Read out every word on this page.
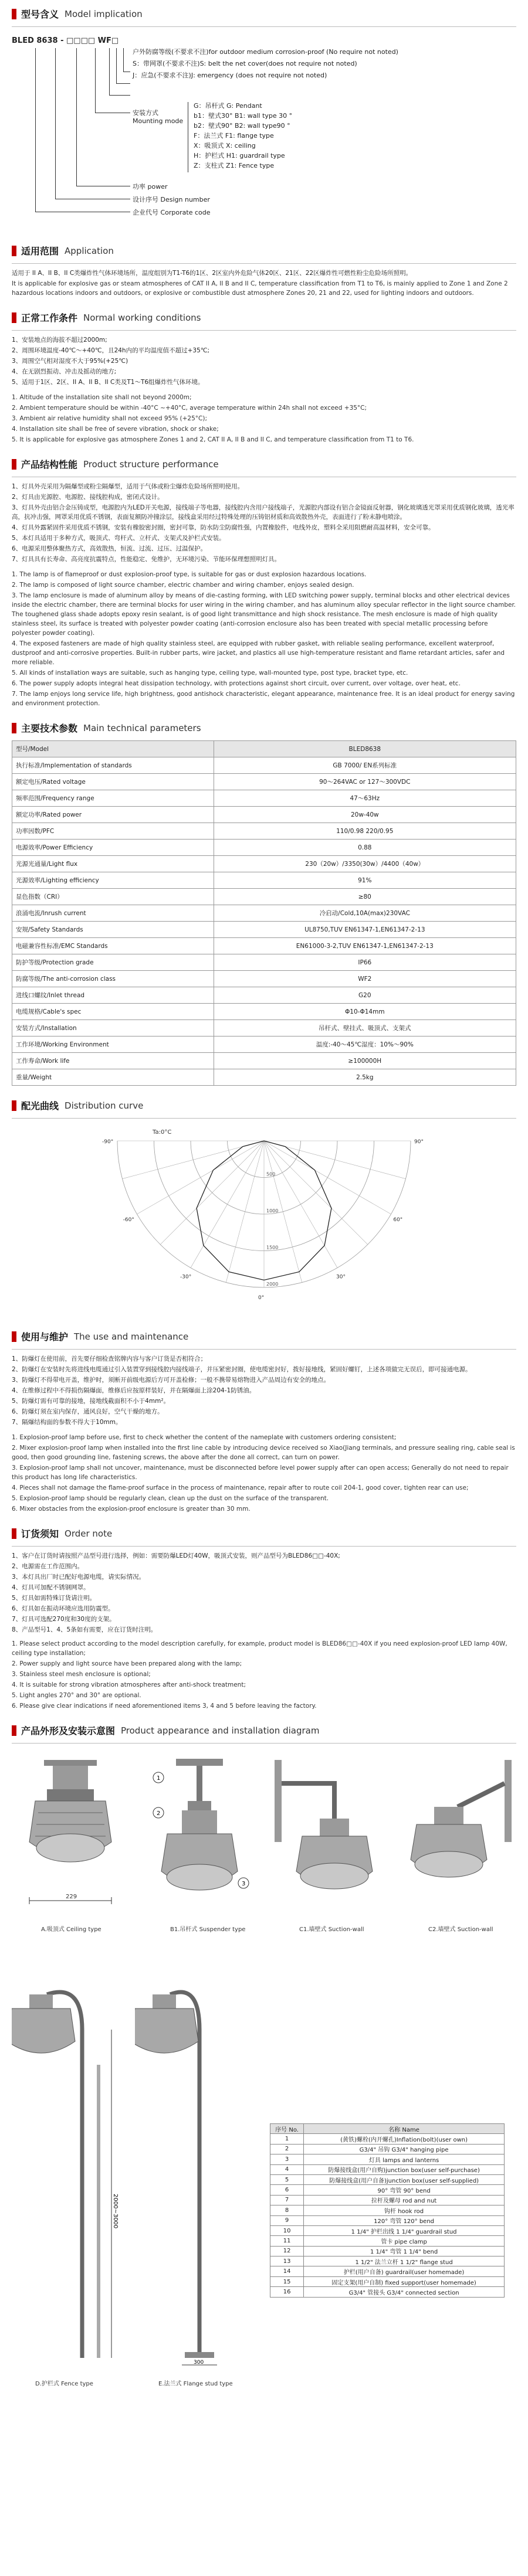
型号含义 Model implication
BLED 8638 - □□□□ WF□
户外防腐等级(不要求不注)for outdoor medium corrosion-proof (No require not noted)
S：带网罩(不要求不注)S: belt the net cover(does not require not noted)
J：应急(不要求不注)J: emergency (does not require not noted)
安装方式 Mounting mode
G：吊杆式 G: Pendant
b1：壁式30° B1: wall type 30 °
b2：壁式90° B2: wall type90 °
F：法兰式 F1: flange type
X：吸顶式 X: ceiling
H：护栏式 H1: guardrail type
Z：支柱式 Z1: Fence type
功率 power
设计序号 Design number
企业代号 Corporate code
适用范围 Application
适用于 II A、II B、II C类爆炸性气体环境场所，温度组别为T1-T6的1区、2区室内外危险气体20区、21区、22区爆炸性可燃性粉尘危险场所照明。
It is applicable for explosive gas or steam atmospheres of CAT II A, II B and II C, temperature classification from T1 to T6, is mainly applied to Zone 1 and Zone 2 hazardous locations indoors and outdoors, or explosive or combustible dust atmosphere Zones 20, 21 and 22, used for lighting indoors and outdoors.
正常工作条件 Normal working conditions
1、安装地点的海拔不超过2000m;
2、周围环境温度-40℃～+40℃，且24h内的平均温度值不超过+35℃;
3、周围空气相对湿度不大于95%(+25℃)
4、在无剧烈振动、冲击及摇动的地方;
5、适用于1区、2区、II A、II B、II C类及T1～T6组爆炸性气体环境。
1. Altitude of the installation site shall not beyond 2000m;
2. Ambient temperature should be within -40°C ~+40°C, average temperature within 24h shall not exceed +35°C;
3. Ambient air relative humidity shall not exceed 95% (+25°C);
4. Installation site shall be free of severe vibration, shock or shake;
5. It is applicable for explosive gas atmosphere Zones 1 and 2, CAT II A, II B and II C, and temperature classification from T1 to T6.
产品结构性能 Product structure performance
1、灯具外壳采用为隔爆型或粉尘隔爆型，适用于气体或粉尘爆炸危险场所照明使用。
2、灯具由光源腔、电源腔、接线腔构成，密闭式设计。
3、灯具外壳由铝合金压铸成型，电源腔内为LED开关电源，接线端子等电器，接线腔内含用户接线端子，光源腔内部设有铝合金镜面反射器，钢化玻璃透光罩采用优质钢化玻璃，透光率高，抗冲击强，网罩采用优质不锈钢，表面复额防冲撞涂层，接线盒采用经过特殊处理的压铸铝材质和高效散热外壳，表面进行了粉末静电喷涂。
4、灯具外露紧固件采用优质不锈钢，安装有橡胶密封圈，密封可靠，防水防尘防腐性强，内置橡胶件，电线外皮，塑料全采用阻燃耐高温材料，安全可靠。
5、本灯具适用于多种方式，吸顶式、弯杆式、立杆式、支架式及护栏式安装。
6、电源采用整体聚热方式，高效散热，恒流、过流、过压、过温保护。
7、灯具具有长寿命、高亮度抗震特点，性能稳定、免维护，无环境污染、节能环保理想照明灯具。
1. The lamp is of flameproof or dust explosion-proof type, is suitable for gas or dust explosion hazardous locations.
2. The lamp is composed of light source chamber, electric chamber and wiring chamber, enjoys sealed design.
3. The lamp enclosure is made of aluminum alloy by means of die-casting forming, with LED switching power supply, terminal blocks and other electrical devices inside the electric chamber, there are terminal blocks for user wiring in the wiring chamber, and has aluminum alloy specular reflector in the light source chamber. The toughened glass shade adopts epoxy resin sealant, is of good light transmittance and high shock resistance. The mesh enclosure is made of high quality stainless steel, its surface is treated with polyester powder coating (anti-corrosion enclosure also has been treated with special metallic processing before polyester powder coating).
4. The exposed fasteners are made of high quality stainless steel, are equipped with rubber gasket, with reliable sealing performance, excellent waterproof, dustproof and anti-corrosive properties. Built-in rubber parts, wire jacket, and plastics all use high-temperature resistant and flame retardant articles, safer and more reliable.
5. All kinds of installation ways are suitable, such as hanging type, ceiling type, wall-mounted type, post type, bracket type, etc.
6. The power supply adopts integral heat dissipation technology, with protections against short circuit, over current, over voltage, over heat, etc.
7. The lamp enjoys long service life, high brightness, good antishock characteristic, elegant appearance, maintenance free. It is an ideal product for energy saving and environment protection.
主要技术参数 Main technical parameters
型号/Model	BLED8638
执行标准/Implementation of standards	GB 7000/ EN系列标准
额定电压/Rated voltage	90～264VAC or 127～300VDC
频率范围/Frequency range	47～63Hz
额定功率/Rated power	20w-40w
功率因数/PFC	110/0.98 220/0.95
电源效率/Power Efficiency	0.88
光源光通量/Light flux	230（20w）/3350(30w）/4400（40w）
光源效率/Lighting efficiency	91%
显色指数（CRI）	≥80
浪涌电流/Inrush current	冷启动/Cold,10A(max)230VAC
安规/Safety Standards	UL8750,TUV EN61347-1,EN61347-2-13
电磁兼容性标准/EMC Standards	EN61000-3-2,TUV EN61347-1,EN61347-2-13
防护等级/Protection grade	IP66
防腐等级/The anti-corrosion class	WF2
进线口螺纹/Inlet thread	G20
电缆规格/Cable's spec	Φ10-Φ14mm
安装方式/Installation	吊杆式、壁挂式、吸顶式、支架式
工作环境/Working Environment	温度:-40～45℃湿度：10%～90%
工作寿命/Work life	≥100000H
重量/Weight	2.5kg
配光曲线 Distribution curve
Ta:0°C
500
1000
1500
2000
-90°
-60°
-30°
0°
30°
60°
90°
使用与维护 The use and maintenance
1、防爆灯在使用前，首先要仔细检查铭牌内容与客户订货是否相符合；
2、防爆灯在安装时先将进线电缆通过引入装置穿到接线腔内接线端子，并压紧密封圈，使电缆密封好，拨好接地线，紧固好螺钉，上述各项做完无误后，即可接通电源。
3、防爆灯不得带电开盖，维护时，须断开前级电源后方可开盖检修；一般不携带易熔物进入产品周边有安全的地点。
4、在维修过程中不得损伤隔爆面，维修后应按原样装好，并在隔爆面上涂204-1防锈油。
5、防爆灯需有可靠的接地，接地线截面积不小于4mm²。
6、防爆灯须在室内保存，通风良好，空气干燥的地方。
7、隔爆结构面的参数不得大于10mm。
1. Explosion-proof lamp before use, first to check whether the content of the nameplate with customers ordering consistent;
2. Mixer explosion-proof lamp when installed into the first line cable by introducing device received so Xiao(Jiang terminals, and pressure sealing ring, cable seal is good, then good grounding line, fastening screws, the above after the done all correct, can turn on power.
3. Explosion-proof lamp shall not uncover, maintenance, must be disconnected before level power supply after can open access; Generally do not need to repair this product has long life characteristics.
4. Pieces shall not damage the flame-proof surface in the process of maintenance, repair after to route coil 204-1, good cover, tighten rear can use;
5. Explosion-proof lamp should be regularly clean, clean up the dust on the surface of the transparent.
6. Mixer obstacles from the explosion-proof enclosure is greater than 30 mm.
订货须知 Order note
1、客户在订货时请按照产品型号进行选择，例如：需要防爆LED灯40W，吸顶式安装，则产品型号为BLED86□□-40X;
2、电源需在工作范围内。
3、本灯具出厂时已配好电源电缆，请实际情况。
4、灯具可加配不锈钢网罩。
5、灯具如需特殊订货请注明。
6、灯具如在振动环境应选用防震型。
7、灯具可选配270度和30度的支架。
8、产品型号1、4、5条如有需要，应在订货时注明。
1. Please select product according to the model description carefully, for example, product model is BLED86□□-40X if you need explosion-proof LED lamp 40W, ceiling type installation;
2. Power supply and light source have been prepared along with the lamp;
3. Stainless steel mesh enclosure is optional;
4. It is suitable for strong vibration atmospheres after anti-shock treatment;
5. Light angles 270° and 30° are optional.
6. Please give clear indications if need aforementioned items 3, 4 and 5 before leaving the factory.
产品外形及安装示意图 Product appearance and installation diagram
229
A.吸顶式 Ceiling type
1
2
3
B1.吊杆式 Suspender type	C1.墙壁式 Suction-wall	C2.墙壁式 Suction-wall
2000~3000
D.护栏式 Fence type
300
E.法兰式 Flange stud type
序号 No.	名称 Name
1	(黄铁)螺栓(内开螺孔)Inflation(bolt)(user own)
2	G3/4" 吊钩 G3/4" hanging pipe
3	灯具 lamps and lanterns
4	防爆接线盒(用户自购)junction box(user self-purchase)
5	防爆接线盒(用户自备)junction box(user self-supplied)
6	90° 弯管 90° bend
7	拉杆及螺母 rod and nut
8	钩杆 hook rod
9	120° 弯管 120° bend
10	1 1/4" 护栏出线 1 1/4" guardrail stud
11	管卡 pipe clamp
12	1 1/4" 弯管 1 1/4" bend
13	1 1/2" 法兰立杆 1 1/2" flange stud
14	护栏(用户自备) guardrail(user homemade)
15	固定支架(用户自制) fixed support(user homemade)
16	G3/4" 管接头 G3/4" connected section
